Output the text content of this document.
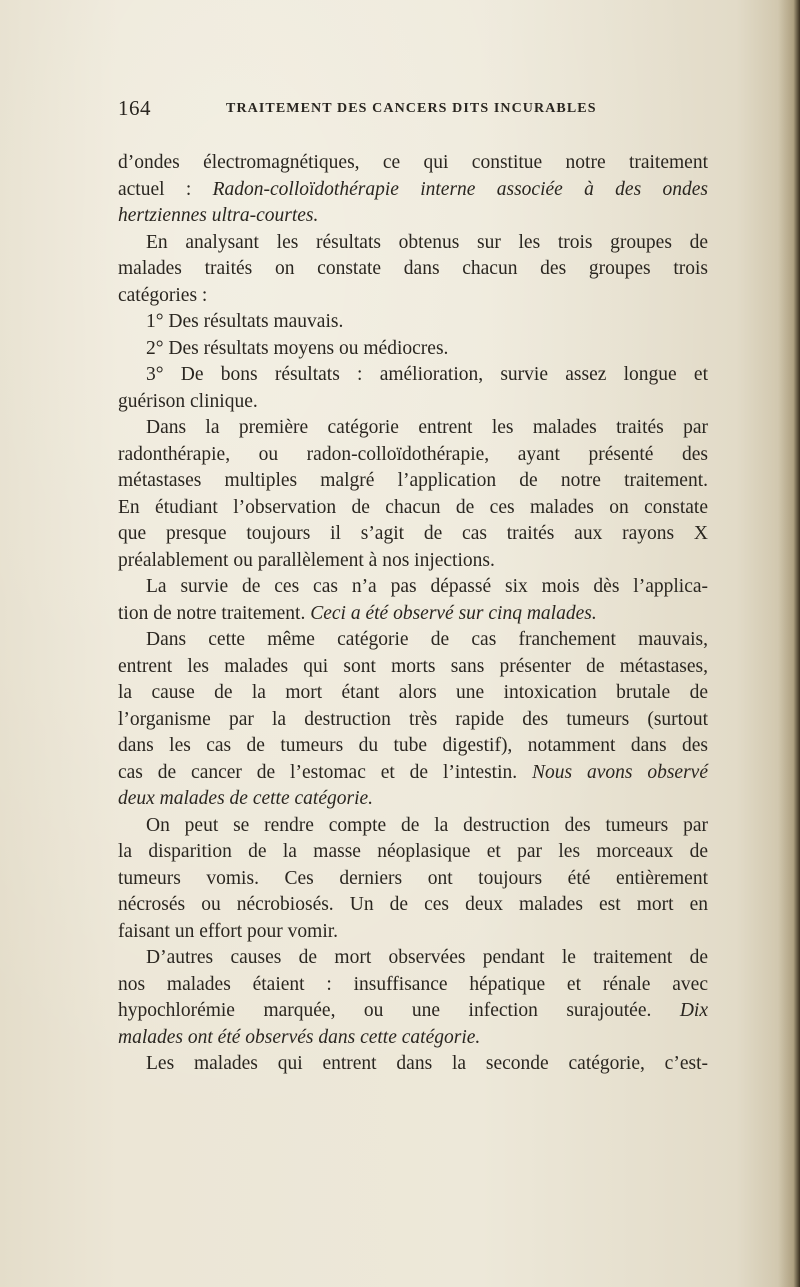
164	TRAITEMENT DES CANCERS DITS INCURABLES

d’ondes électromagnétiques, ce qui constitue notre traitement

actuel : Radon-colloïdothérapie interne associée à des ondes

hertziennes ultra-courtes.

En analysant les résultats obtenus sur les trois groupes de

malades traités on constate dans chacun des groupes trois

catégories :

1° Des résultats mauvais.

2° Des résultats moyens ou médiocres.

3° De bons résultats : amélioration, survie assez longue et

guérison clinique.

Dans la première catégorie entrent les malades traités par

radonthérapie, ou radon-colloïdothérapie, ayant présenté des

métastases multiples malgré l’application de notre traitement.

En étudiant l’observation de chacun de ces malades on constate

que presque toujours il s’agit de cas traités aux rayons X

préalablement ou parallèlement à nos injections.

La survie de ces cas n’a pas dépassé six mois dès l’applica-

tion de notre traitement. Ceci a été observé sur cinq malades.

Dans cette même catégorie de cas franchement mauvais,

entrent les malades qui sont morts sans présenter de métastases,

la cause de la mort étant alors une intoxication brutale de

l’organisme par la destruction très rapide des tumeurs (surtout

dans les cas de tumeurs du tube digestif), notamment dans des

cas de cancer de l’estomac et de l’intestin. Nous avons observé

deux malades de cette catégorie.

On peut se rendre compte de la destruction des tumeurs par

la disparition de la masse néoplasique et par les morceaux de

tumeurs vomis. Ces derniers ont toujours été entièrement

nécrosés ou nécrobiosés. Un de ces deux malades est mort en

faisant un effort pour vomir.

D’autres causes de mort observées pendant le traitement de

nos malades étaient : insuffisance hépatique et rénale avec

hypochlorémie marquée, ou une infection surajoutée. Dix

malades ont été observés dans cette catégorie.

Les malades qui entrent dans la seconde catégorie, c’est-
